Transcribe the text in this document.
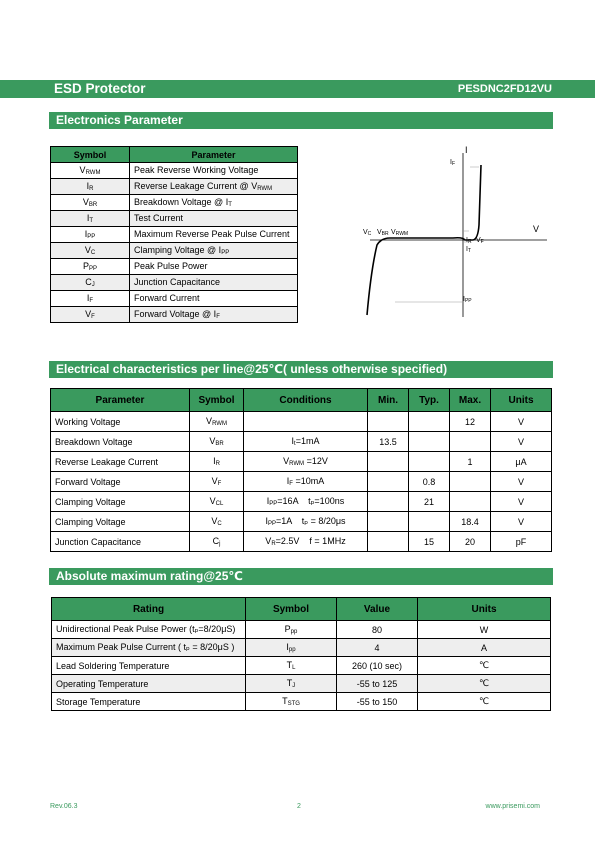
ESD Protector	PESDNC2FD12VU
Electronics Parameter
Symbol	Parameter
$V_{RWM}$	Peak Reverse Working Voltage
$I_R$	Reverse Leakage Current @ $V_{RWM}$
$V_{BR}$	Breakdown Voltage @ $I_T$
$I_T$	Test Current
$I_{PP}$	Maximum Reverse Peak Pulse Current
$V_C$	Clamping Voltage @ $I_{PP}$
$P_{PP}$	Peak Pulse Power
$C_J$	Junction Capacitance
$I_F$	Forward Current
$V_F$	Forward Voltage @ $I_F$
I
V
$I_F$
$V_C$ $V_{BR}$ $V_{RWM}$
$I_R$ $V_F$
$I_T$
$I_{PP}$
Electrical characteristics per line@25℃( unless otherwise specified)
Parameter	Symbol	Conditions	Min.	Typ.	Max.	Units
Working Voltage	$V_{RWM}$				12	V
Breakdown Voltage	$V_{BR}$	$I_t=1mA$	13.5			V
Reverse Leakage Current	$I_R$	$V_{RWM} =12V$			1	μA
Forward Voltage	$V_F$	$I_F =10mA$		0.8		V
Clamping Voltage	$V_{CL}$	$I_{PP}=16A$    tₚ=100ns		21		V
Clamping Voltage	$V_C$	$I_{PP}=1A$    tₚ = 8/20μs			18.4	V
Junction Capacitance	$C_j$	$V_R=2.5V$    f = 1MHz		15	20	pF
Absolute maximum rating@25℃
Rating	Symbol	Value	Units
Unidirectional Peak Pulse Power (tₚ=8/20μS)	$P_{pp}$	80	W
Maximum Peak Pulse Current ( tₚ = 8/20μS )	$I_{pp}$	4	A
Lead Soldering Temperature	$T_L$	260 (10 sec)	℃
Operating Temperature	$T_J$	-55 to 125	℃
Storage Temperature	$T_{STG}$	-55 to 150	℃
Rev.06.3	2	www.prisemi.com
